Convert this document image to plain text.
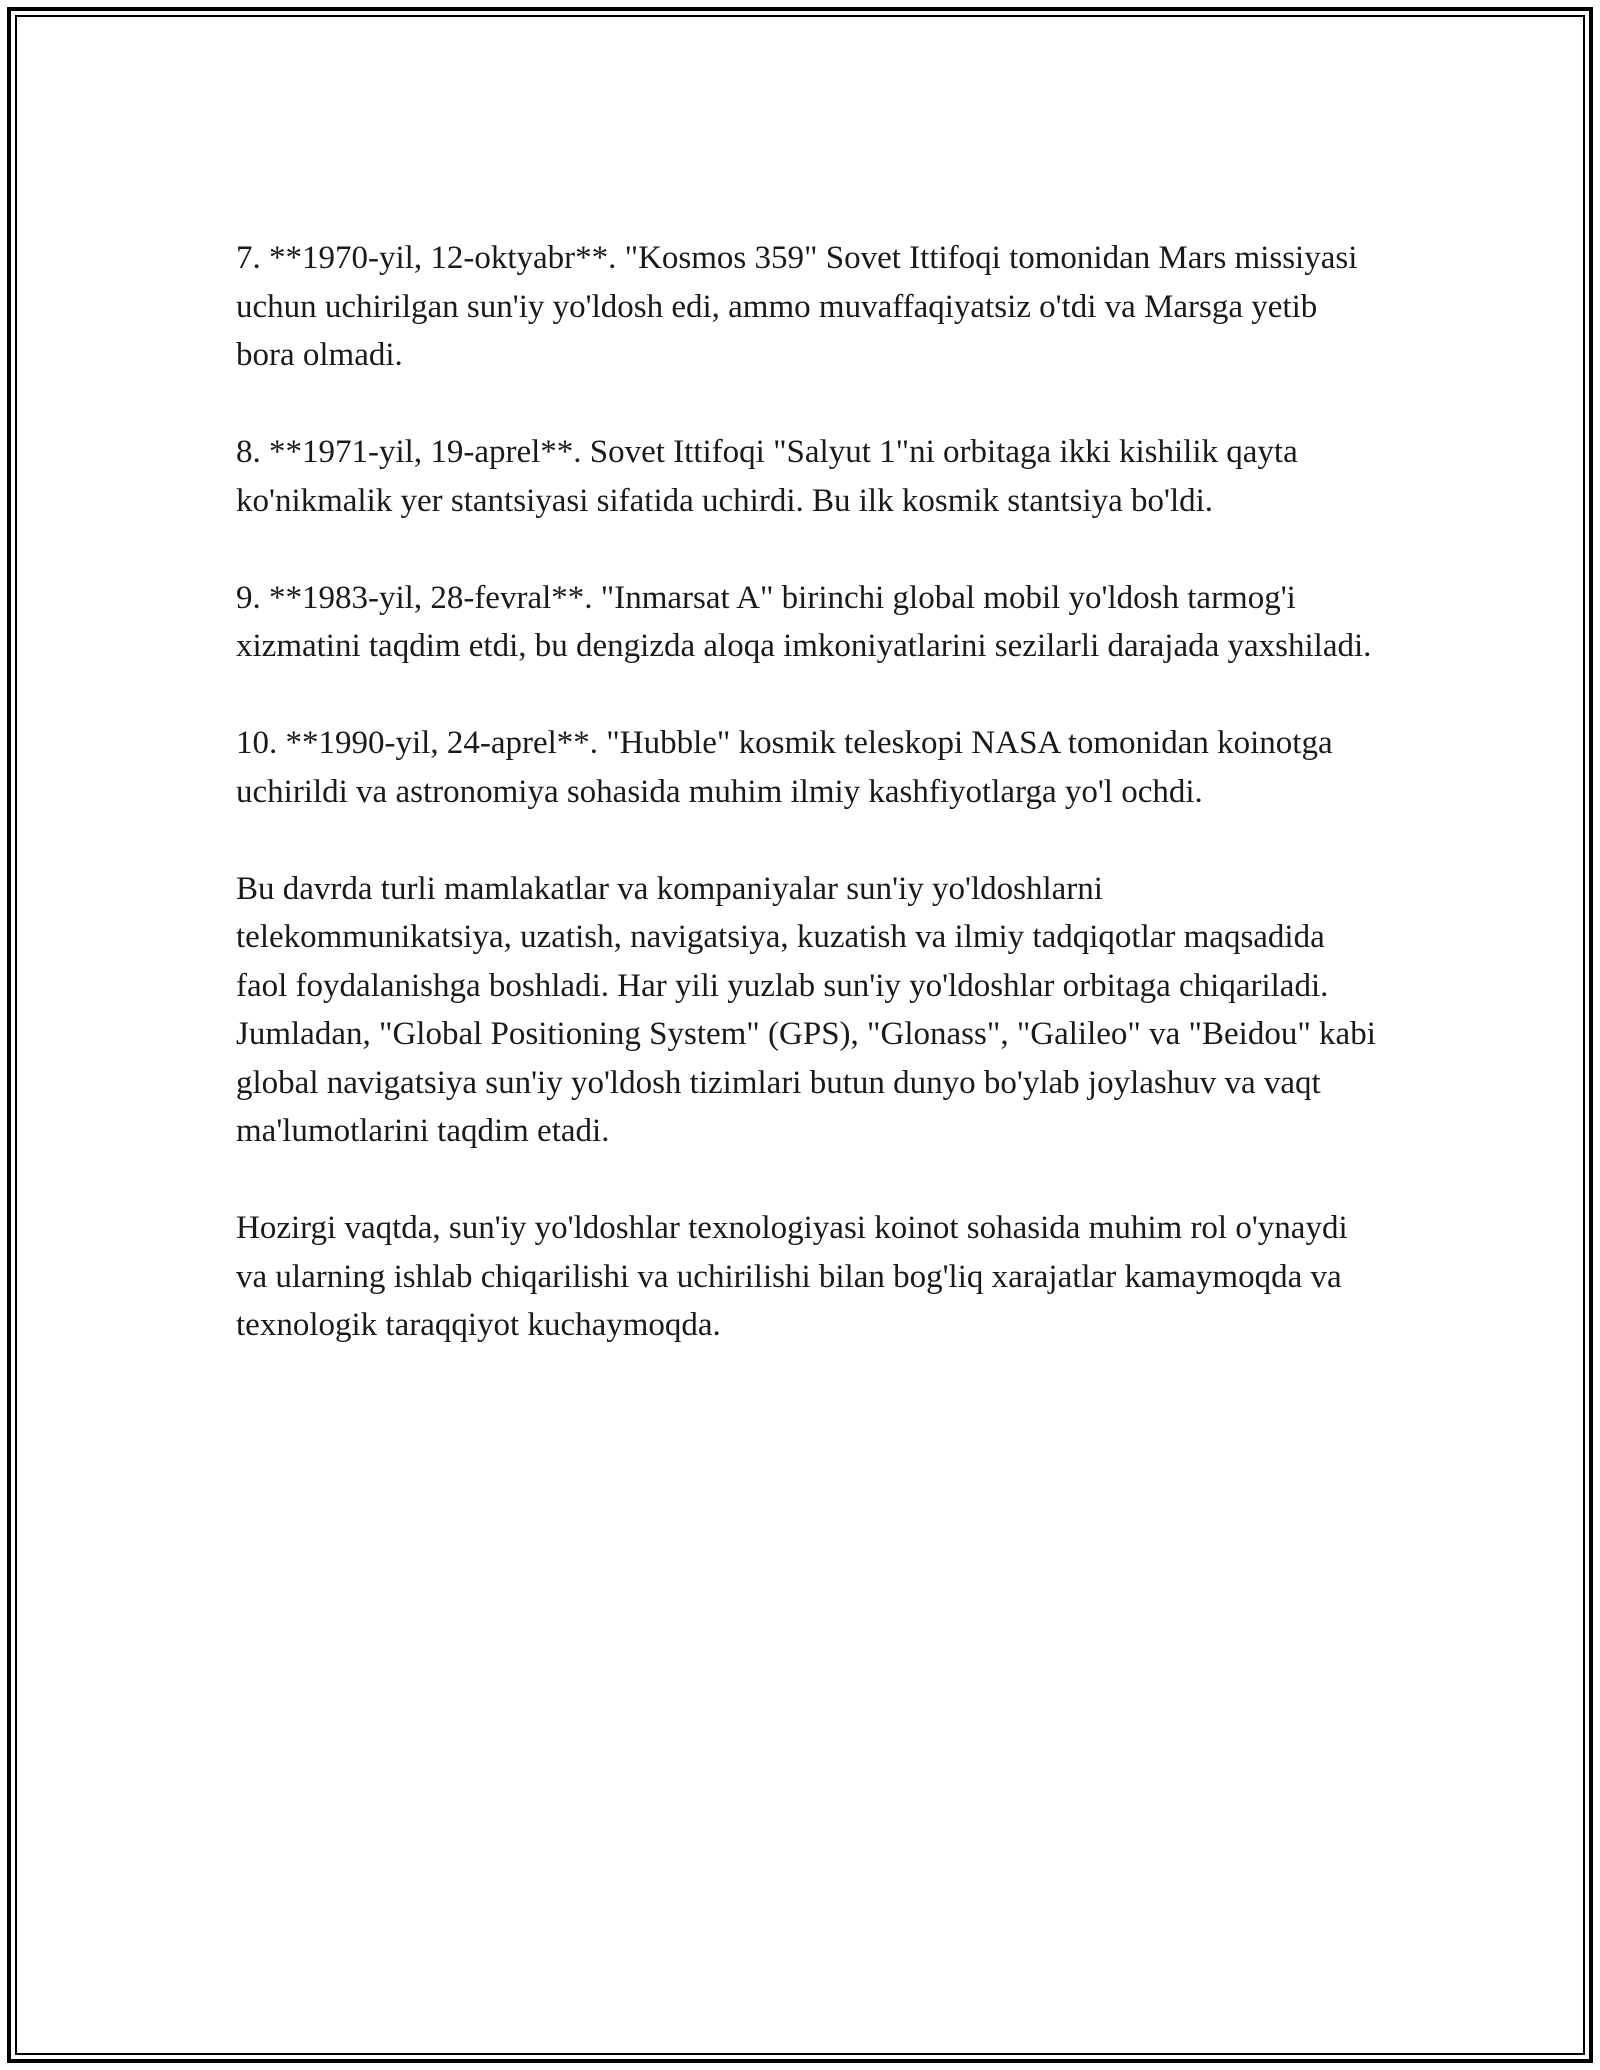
7. **1970-yil, 12-oktyabr**. "Kosmos 359" Sovet Ittifoqi tomonidan Mars missiyasi uchun uchirilgan sun'iy yo'ldosh edi, ammo muvaffaqiyatsiz o'tdi va Marsga yetib bora olmadi.

8. **1971-yil, 19-aprel**. Sovet Ittifoqi "Salyut 1"ni orbitaga ikki kishilik qayta ko'nikmalik yer stantsiyasi sifatida uchirdi. Bu ilk kosmik stantsiya bo'ldi.

9. **1983-yil, 28-fevral**. "Inmarsat A" birinchi global mobil yo'ldosh tarmog'i xizmatini taqdim etdi, bu dengizda aloqa imkoniyatlarini sezilarli darajada yaxshiladi.

10. **1990-yil, 24-aprel**. "Hubble" kosmik teleskopi NASA tomonidan koinotga uchirildi va astronomiya sohasida muhim ilmiy kashfiyotlarga yo'l ochdi.

Bu davrda turli mamlakatlar va kompaniyalar sun'iy yo'ldoshlarni telekommunikatsiya, uzatish, navigatsiya, kuzatish va ilmiy tadqiqotlar maqsadida faol foydalanishga boshladi. Har yili yuzlab sun'iy yo'ldoshlar orbitaga chiqariladi. Jumladan, "Global Positioning System" (GPS), "Glonass", "Galileo" va "Beidou" kabi global navigatsiya sun'iy yo'ldosh tizimlari butun dunyo bo'ylab joylashuv va vaqt ma'lumotlarini taqdim etadi.

Hozirgi vaqtda, sun'iy yo'ldoshlar texnologiyasi koinot sohasida muhim rol o'ynaydi va ularning ishlab chiqarilishi va uchirilishi bilan bog'liq xarajatlar kamaymoqda va texnologik taraqqiyot kuchaymoqda.
